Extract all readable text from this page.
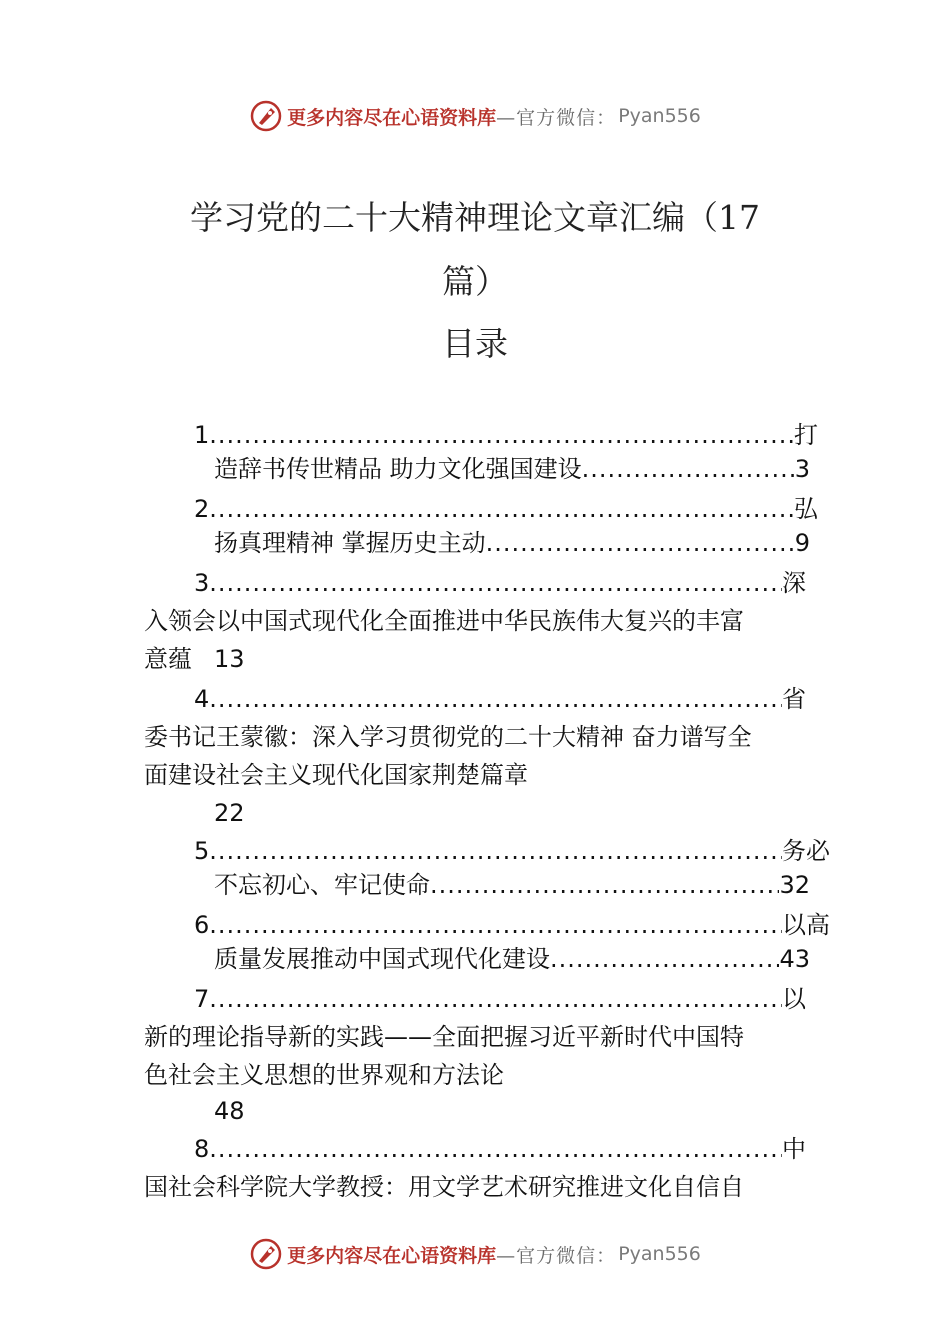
更多内容尽在心语资料库 —官方微信： Pyan556
学习党的二十大精神理论文章汇编（17
篇）
目录
1 .....	打
造辞书传世精品 助力文化强国建设 .....	3
2 .....	弘
扬真理精神 掌握历史主动 .....	9
3 .....	深
入领会以中国式现代化全面推进中华民族伟大复兴的丰富
意蕴 13
4 .....	省
委书记王蒙徽：深入学习贯彻党的二十大精神 奋力谱写全
面建设社会主义现代化国家荆楚篇章
22
5 .....	务必
不忘初心、牢记使命 .....	32
6 .....	以高
质量发展推动中国式现代化建设 .....	43
7 .....	以
新的理论指导新的实践——全面把握习近平新时代中国特
色社会主义思想的世界观和方法论
48
8 .....	中
国社会科学院大学教授：用文学艺术研究推进文化自信自
更多内容尽在心语资料库 —官方微信： Pyan556
